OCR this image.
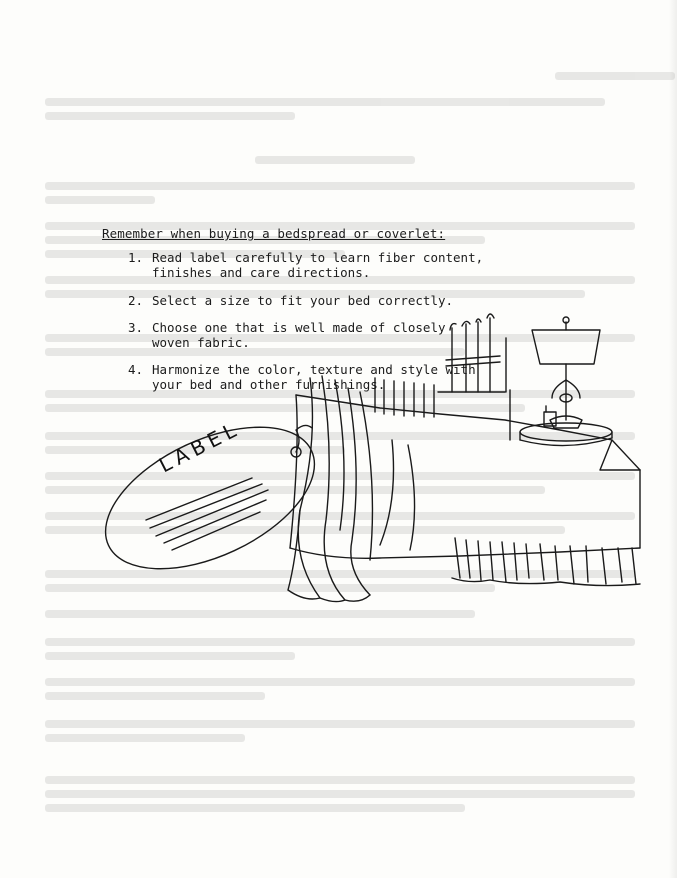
Remember when buying a bedspread or coverlet:
1. Read label carefully to learn fiber content, finishes and care directions.
2. Select a size to fit your bed correctly.
3. Choose one that is well made of closely woven fabric.
4. Harmonize the color, texture and style with your bed and other furnishings.
LABEL
